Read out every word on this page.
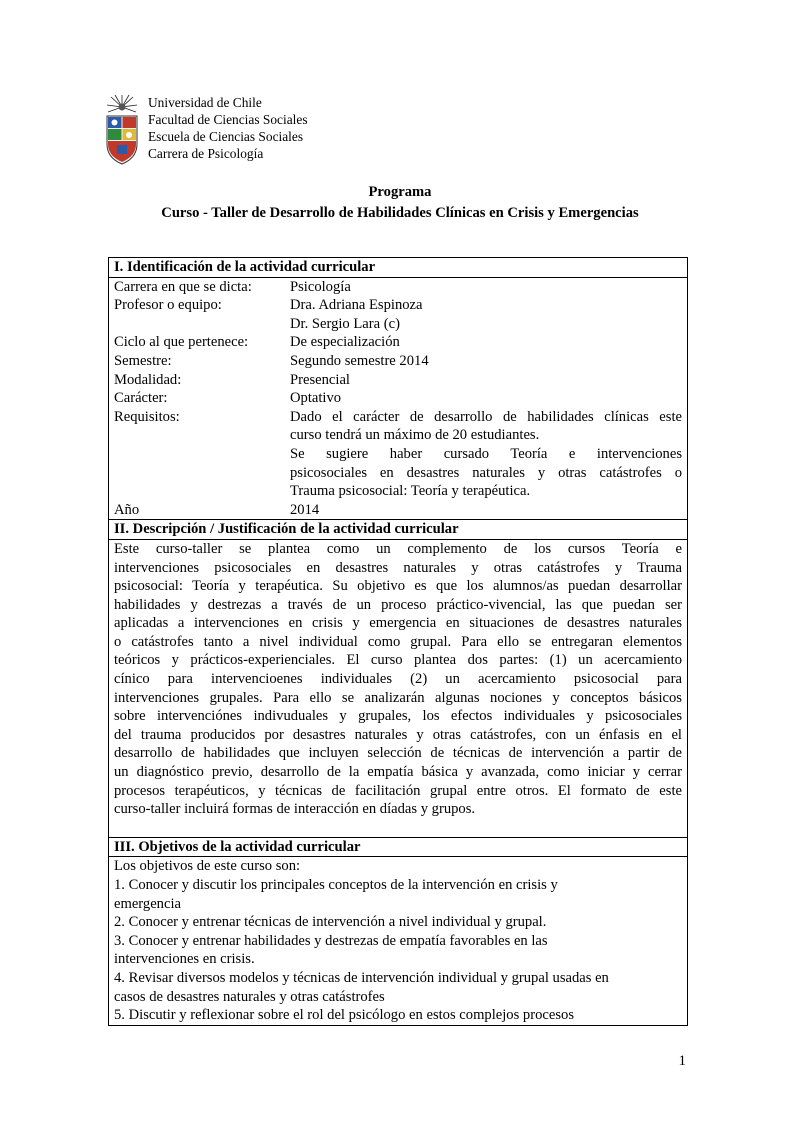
Universidad de Chile
Facultad de Ciencias Sociales
Escuela de Ciencias Sociales
Carrera de Psicología
Programa
Curso - Taller de Desarrollo de Habilidades Clínicas en Crisis y Emergencias
I. Identificación de la actividad curricular

Carrera en que se dicta:	Psicología
Profesor o equipo:	Dra. Adriana Espinoza
Dr. Sergio Lara (c)
Ciclo al que pertenece:	De especialización
Semestre:	Segundo semestre 2014
Modalidad:	Presencial
Carácter:	Optativo
Requisitos:	Dado el carácter de desarrollo de habilidades clínicas este
curso tendrá un máximo de 20 estudiantes.
Se sugiere haber cursado Teoría e intervenciones
psicosociales en desastres naturales y otras catástrofes o
Trauma psicosocial: Teoría y terapéutica.
Año	2014

II. Descripción / Justificación de la actividad curricular

Este curso-taller se plantea como un complemento de los cursos Teoría e
intervenciones psicosociales en desastres naturales y otras catástrofes y Trauma
psicosocial: Teoría y terapéutica. Su objetivo es que los alumnos/as puedan desarrollar
habilidades y destrezas a través de un proceso práctico-vivencial, las que puedan ser
aplicadas a intervenciones en crisis y emergencia en situaciones de desastres naturales
o catástrofes tanto a nivel individual como grupal. Para ello se entregaran elementos
teóricos y prácticos-experienciales. El curso plantea dos partes: (1) un acercamiento
cínico para intervencioenes individuales (2) un acercamiento psicosocial para
intervenciones grupales. Para ello se analizarán algunas nociones y conceptos básicos
sobre intervenciónes indivuduales y grupales, los efectos individuales y psicosociales
del trauma producidos por desastres naturales y otras catástrofes, con un énfasis en el
desarrollo de habilidades que incluyen selección de técnicas de intervención a partir de
un diagnóstico previo, desarrollo de la empatía básica y avanzada, como iniciar y cerrar
procesos terapéuticos, y técnicas de facilitación grupal entre otros. El formato de este
curso-taller incluirá formas de interacción en díadas y grupos.

III. Objetivos de la actividad curricular

Los objetivos de este curso son:
1. Conocer y discutir los principales conceptos de la intervención en crisis y
emergencia
2. Conocer y entrenar técnicas de intervención a nivel individual y grupal.
3. Conocer y entrenar habilidades y destrezas de empatía favorables en las
intervenciones en crisis.
4. Revisar diversos modelos y técnicas de intervención individual y grupal usadas en
casos de desastres naturales y otras catástrofes
5. Discutir y reflexionar sobre el rol del psicólogo en estos complejos procesos
1
